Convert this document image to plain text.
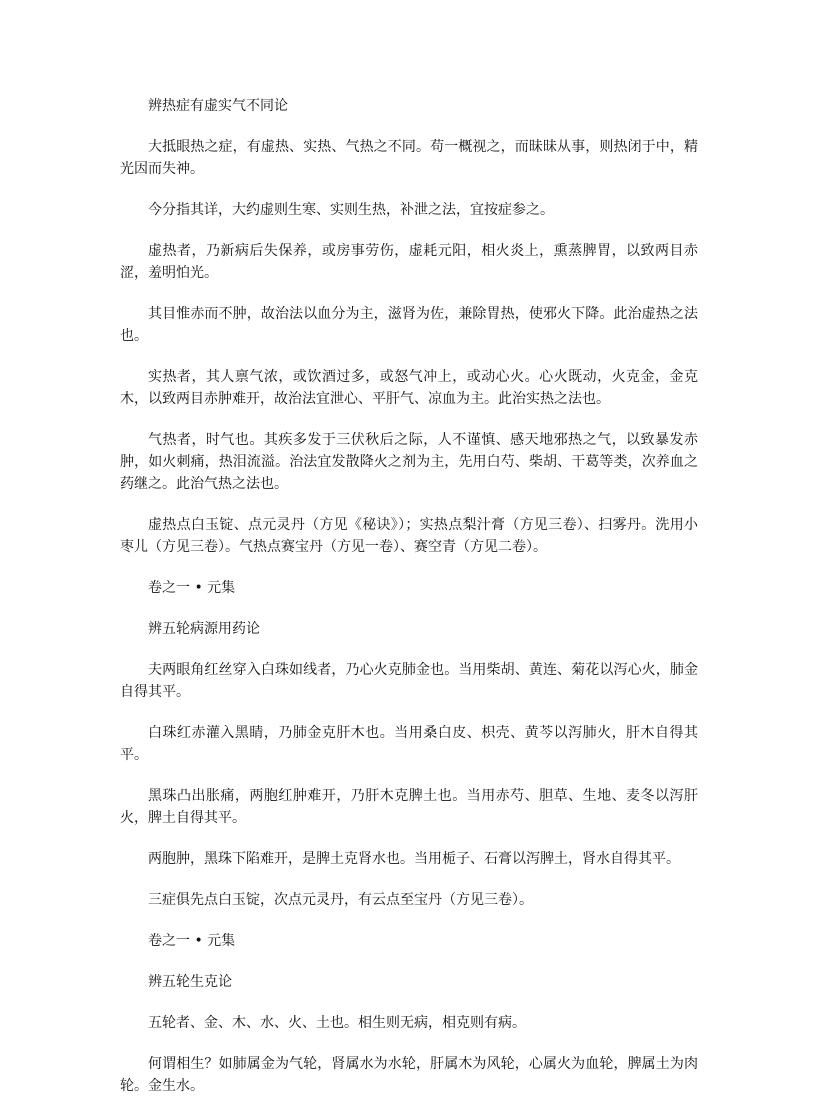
辨热症有虚实气不同论

大抵眼热之症，有虚热、实热、气热之不同。苟一概视之，而昧昧从事，则热闭于中，精光因而失神。

今分指其详，大约虚则生寒、实则生热，补泄之法，宜按症参之。

虚热者，乃新病后失保养，或房事劳伤，虚耗元阳，相火炎上，熏蒸脾胃，以致两目赤涩，羞明怕光。

其目惟赤而不肿，故治法以血分为主，滋肾为佐，兼除胃热，使邪火下降。此治虚热之法也。

实热者，其人禀气浓，或饮酒过多，或怒气冲上，或动心火。心火既动，火克金，金克木，以致两目赤肿难开，故治法宜泄心、平肝气、凉血为主。此治实热之法也。

气热者，时气也。其疾多发于三伏秋后之际，人不谨慎、感天地邪热之气，以致暴发赤肿，如火刺痛，热泪流溢。治法宜发散降火之剂为主，先用白芍、柴胡、干葛等类，次养血之药继之。此治气热之法也。

虚热点白玉锭、点元灵丹（方见《秘诀》）；实热点梨汁膏（方见三卷）、扫雾丹。洗用小枣儿（方见三卷）。气热点赛宝丹（方见一卷）、赛空青（方见二卷）。

卷之一 • 元集

辨五轮病源用药论

夫两眼角红丝穿入白珠如线者，乃心火克肺金也。当用柴胡、黄连、菊花以泻心火，肺金自得其平。

白珠红赤灌入黑睛，乃肺金克肝木也。当用桑白皮、枳壳、黄芩以泻肺火，肝木自得其平。

黑珠凸出胀痛，两胞红肿难开，乃肝木克脾土也。当用赤芍、胆草、生地、麦冬以泻肝火，脾土自得其平。

两胞肿，黑珠下陷难开，是脾土克肾水也。当用栀子、石膏以泻脾土，肾水自得其平。

三症俱先点白玉锭，次点元灵丹，有云点至宝丹（方见三卷）。

卷之一 • 元集

辨五轮生克论

五轮者、金、木、水、火、土也。相生则无病，相克则有病。

何谓相生？如肺属金为气轮，肾属水为水轮，肝属木为风轮，心属火为血轮，脾属土为肉轮。金生水。
